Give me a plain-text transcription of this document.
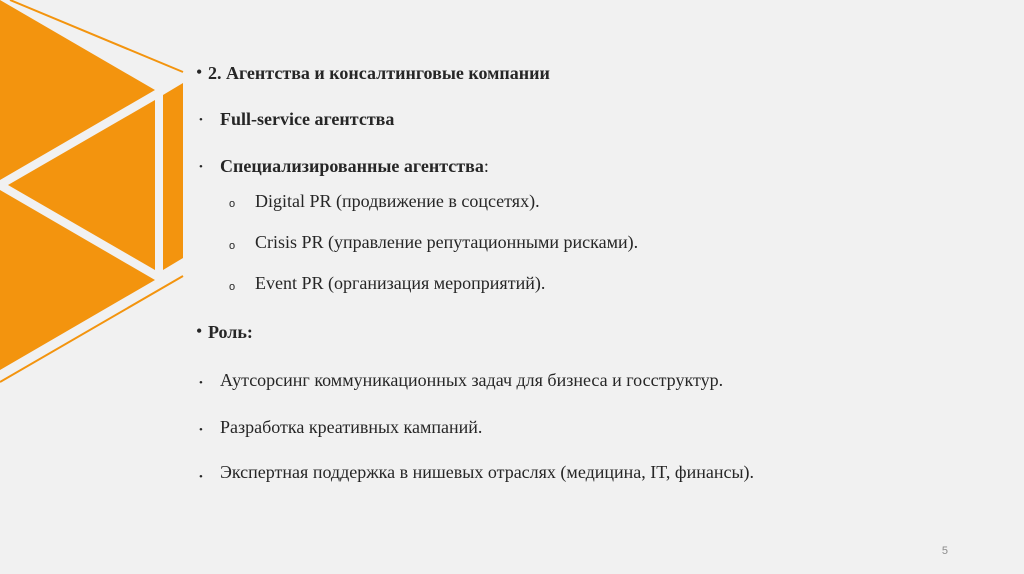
• 2. Агентства и консалтинговые компании
• Full-service агентства
• Специализированные агентства:
o Digital PR (продвижение в соцсетях).
o Crisis PR (управление репутационными рисками).
o Event PR (организация мероприятий).
• Роль:
• Аутсорсинг коммуникационных задач для бизнеса и госструктур.
• Разработка креативных кампаний.
• Экспертная поддержка в нишевых отраслях (медицина, IT, финансы).
5
